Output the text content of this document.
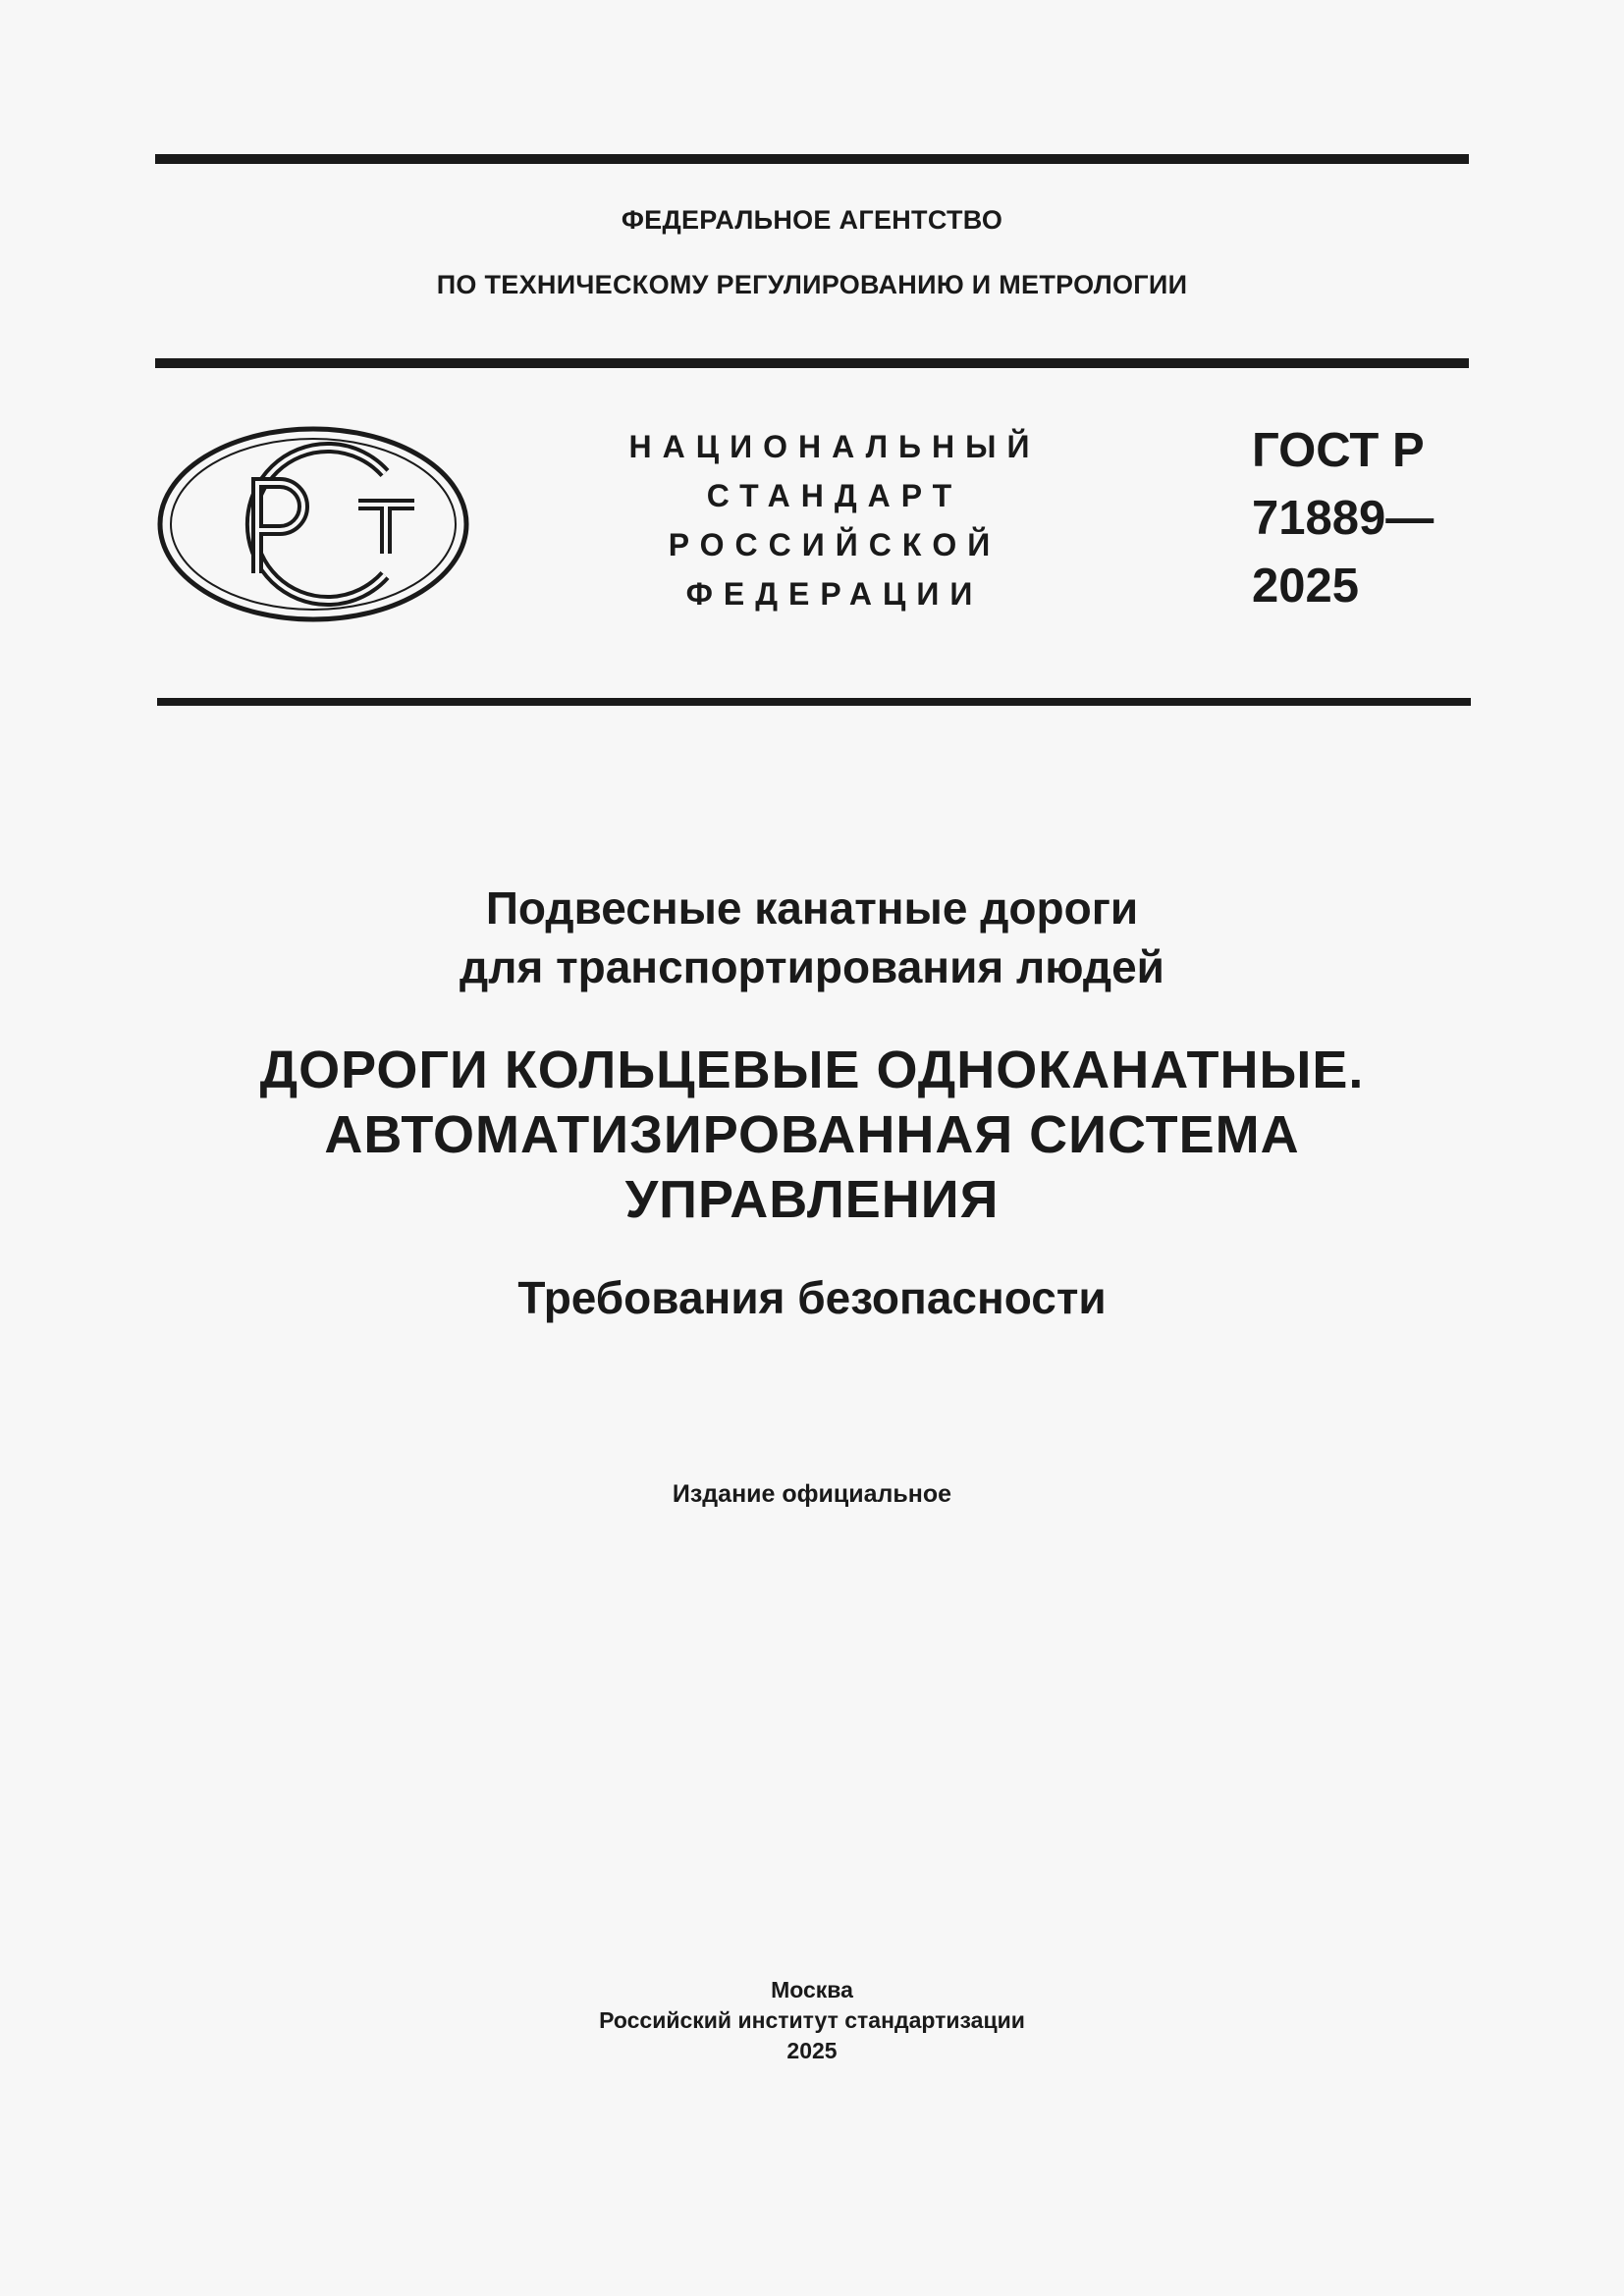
ФЕДЕРАЛЬНОЕ АГЕНТСТВО
ПО ТЕХНИЧЕСКОМУ РЕГУЛИРОВАНИЮ И МЕТРОЛОГИИ
НАЦИОНАЛЬНЫЙ
СТАНДАРТ
РОССИЙСКОЙ
ФЕДЕРАЦИИ
ГОСТ Р
71889—
2025
Подвесные канатные дороги
для транспортирования людей
ДОРОГИ КОЛЬЦЕВЫЕ ОДНОКАНАТНЫЕ.
АВТОМАТИЗИРОВАННАЯ СИСТЕМА
УПРАВЛЕНИЯ
Требования безопасности
Издание официальное
Москва
Российский институт стандартизации
2025
